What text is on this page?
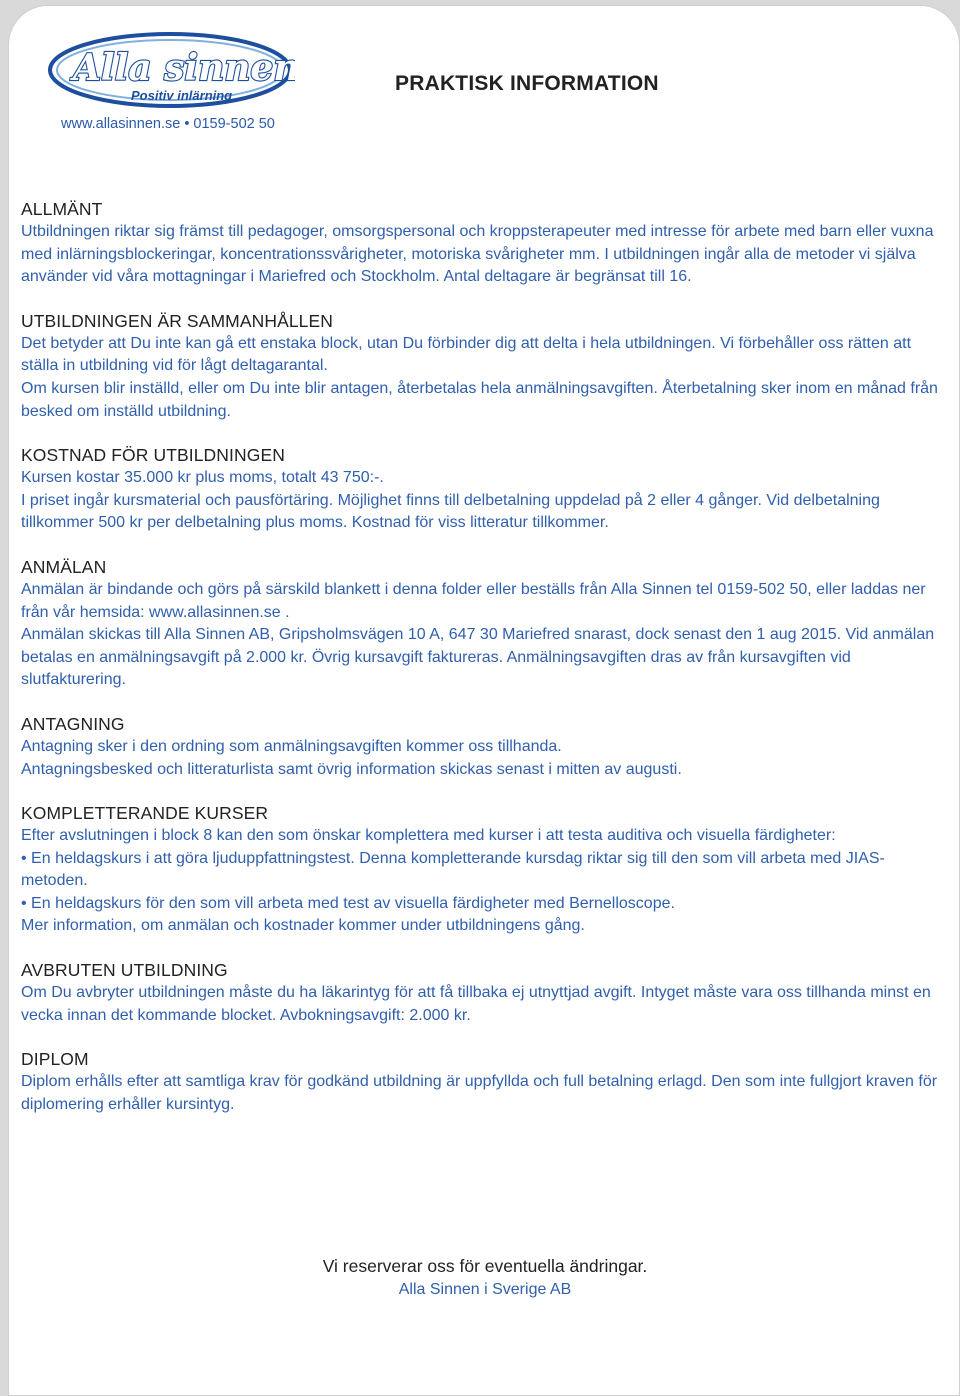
Alla sinnen
Positiv inlärning
www.allasinnen.se • 0159-502 50
PRAKTISK INFORMATION
ALLMÄNT

Utbildningen riktar sig främst till pedagoger, omsorgspersonal och kroppsterapeuter med intresse för arbete med barn eller vuxna med inlärningsblockeringar, koncentrationssvårigheter, motoriska svårigheter mm. I utbildningen ingår alla de metoder vi själva använder vid våra mottagningar i Mariefred och Stockholm. Antal deltagare är begränsat till 16.

UTBILDNINGEN ÄR SAMMANHÅLLEN

Det betyder att Du inte kan gå ett enstaka block, utan Du förbinder dig att delta i hela utbildningen. Vi förbehåller oss rätten att ställa in utbildning vid för lågt deltagarantal.

Om kursen blir inställd, eller om Du inte blir antagen, återbetalas hela anmälningsavgiften. Återbetalning sker inom en månad från besked om inställd utbildning.

KOSTNAD FÖR UTBILDNINGEN

Kursen kostar 35.000 kr plus moms, totalt 43 750:-.

I priset ingår kursmaterial och pausförtäring. Möjlighet finns till delbetalning uppdelad på 2 eller 4 gånger. Vid delbetalning tillkommer 500 kr per delbetalning plus moms. Kostnad för viss litteratur tillkommer.

ANMÄLAN

Anmälan är bindande och görs på särskild blankett i denna folder eller beställs från Alla Sinnen tel 0159-502 50, eller laddas ner från vår hemsida: www.allasinnen.se .

Anmälan skickas till Alla Sinnen AB, Gripsholmsvägen 10 A, 647 30 Mariefred snarast, dock senast den 1 aug 2015. Vid anmälan betalas en anmälningsavgift på 2.000 kr. Övrig kursavgift faktureras. Anmälningsavgiften dras av från kursavgiften vid slutfakturering.

ANTAGNING

Antagning sker i den ordning som anmälningsavgiften kommer oss tillhanda.

Antagningsbesked och litteraturlista samt övrig information skickas senast i mitten av augusti.

KOMPLETTERANDE KURSER

Efter avslutningen i block 8 kan den som önskar komplettera med kurser i att testa auditiva och visuella färdigheter:

• En heldagskurs i att göra ljuduppfattningstest. Denna kompletterande kursdag riktar sig till den som vill arbeta med JIAS-metoden.

• En heldagskurs för den som vill arbeta med test av visuella färdigheter med Bernelloscope.

Mer information, om anmälan och kostnader kommer under utbildningens gång.

AVBRUTEN UTBILDNING

Om Du avbryter utbildningen måste du ha läkarintyg för att få tillbaka ej utnyttjad avgift. Intyget måste vara oss tillhanda minst en vecka innan det kommande blocket. Avbokningsavgift: 2.000 kr.

DIPLOM

Diplom erhålls efter att samtliga krav för godkänd utbildning är uppfyllda och full betalning erlagd. Den som inte fullgjort kraven för diplomering erhåller kursintyg.

Vi reserverar oss för eventuella ändringar.
Alla Sinnen i Sverige AB
